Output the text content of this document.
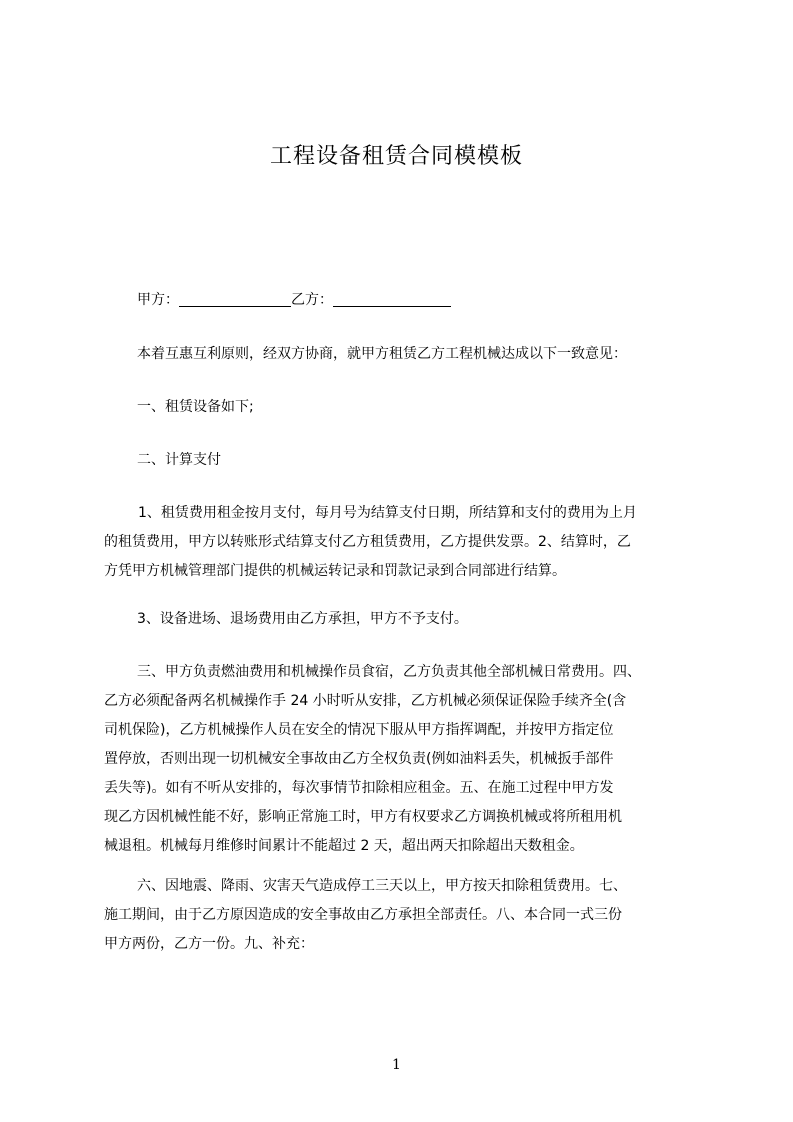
工程设备租赁合同模模板
甲方：	乙方：
本着互惠互利原则，经双方协商，就甲方租赁乙方工程机械达成以下一致意见：
一、租赁设备如下;
二、计算支付
1、租赁费用租金按月支付，每月号为结算支付日期，所结算和支付的费用为上月
的租赁费用，甲方以转账形式结算支付乙方租赁费用，乙方提供发票。2、结算时，乙
方凭甲方机械管理部门提供的机械运转记录和罚款记录到合同部进行结算。
3、设备进场、退场费用由乙方承担，甲方不予支付。
三、甲方负责燃油费用和机械操作员食宿，乙方负责其他全部机械日常费用。四、
乙方必须配备两名机械操作手 24 小时听从安排，乙方机械必须保证保险手续齐全(含
司机保险)，乙方机械操作人员在安全的情况下服从甲方指挥调配，并按甲方指定位
置停放，否则出现一切机械安全事故由乙方全权负责(例如油料丢失，机械扳手部件
丢失等)。如有不听从安排的，每次事情节扣除相应租金。五、在施工过程中甲方发
现乙方因机械性能不好，影响正常施工时，甲方有权要求乙方调换机械或将所租用机
械退租。机械每月维修时间累计不能超过 2 天，超出两天扣除超出天数租金。
六、因地震、降雨、灾害天气造成停工三天以上，甲方按天扣除租赁费用。七、
施工期间，由于乙方原因造成的安全事故由乙方承担全部责任。八、本合同一式三份
甲方两份，乙方一份。九、补充：
1
